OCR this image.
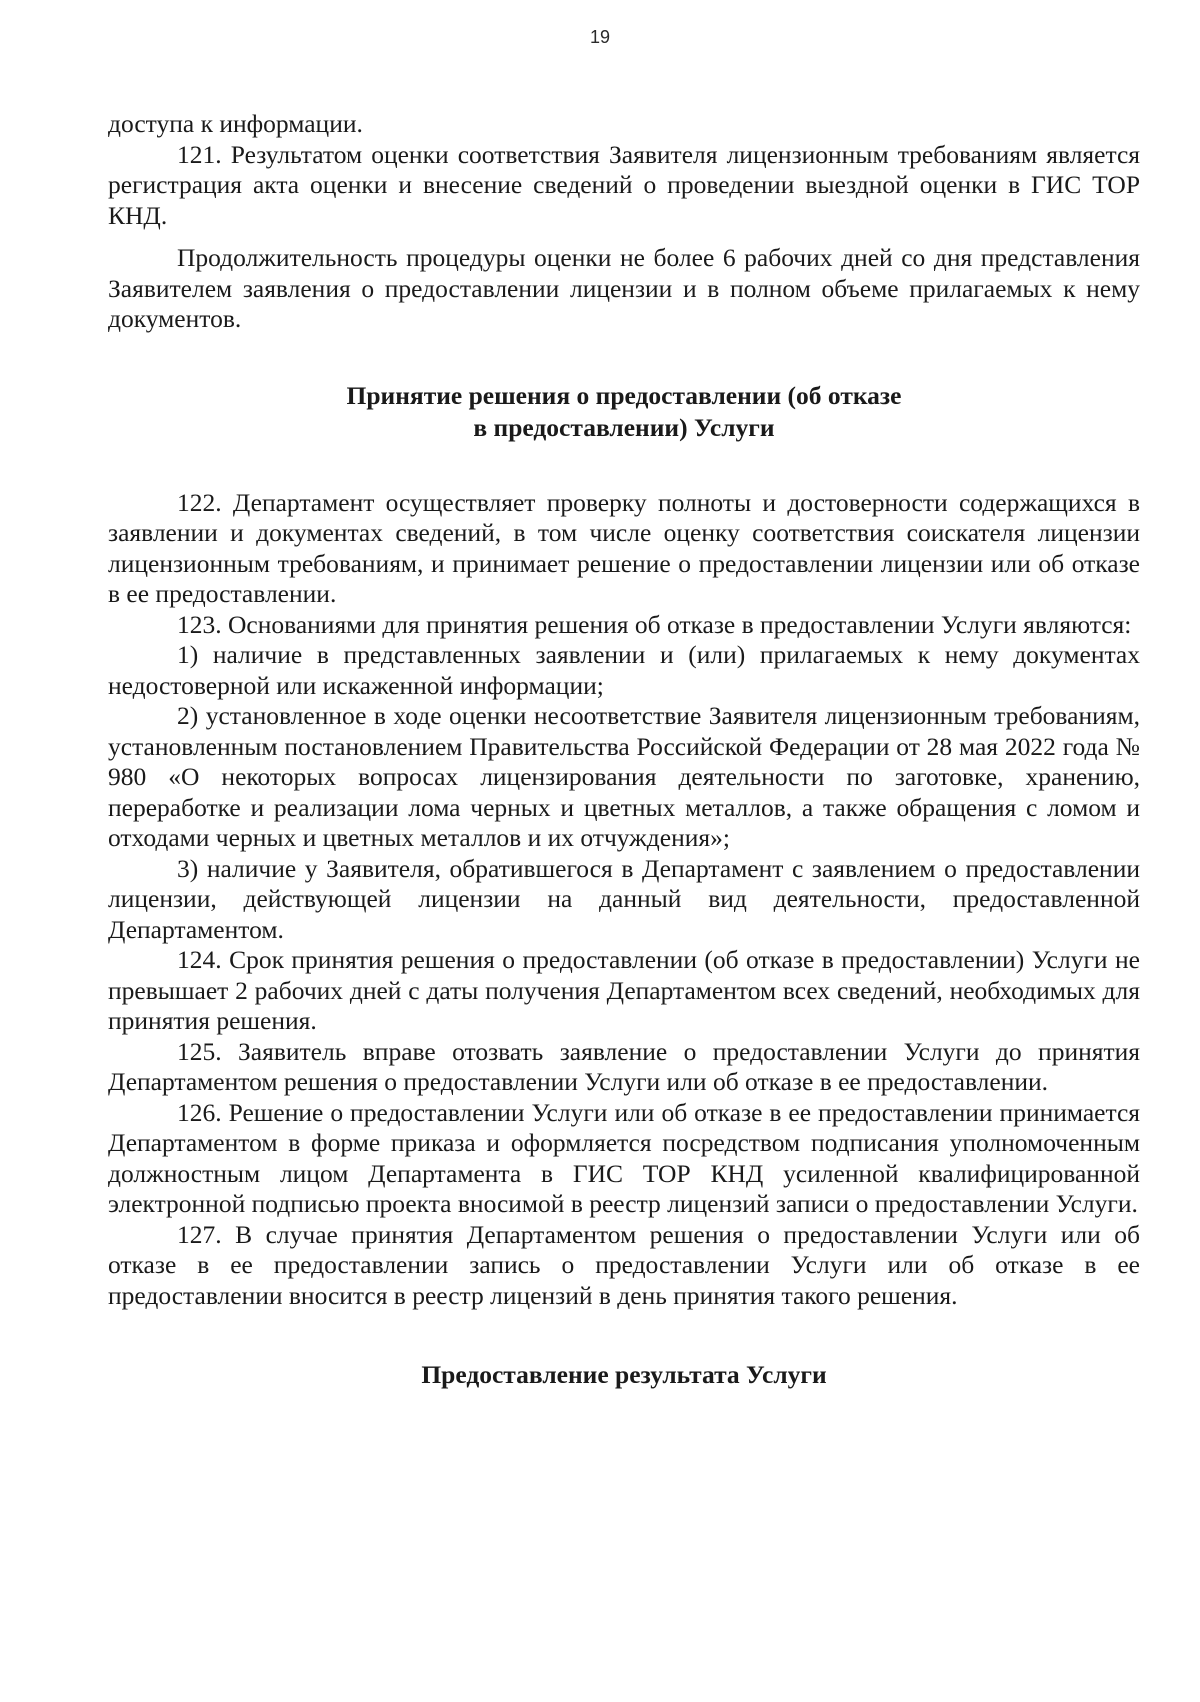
19

доступа к информации.

121. Результатом оценки соответствия Заявителя лицензионным требованиям является регистрация акта оценки и внесение сведений о проведении выездной оценки в ГИС ТОР КНД.

Продолжительность процедуры оценки не более 6 рабочих дней со дня представления Заявителем заявления о предоставлении лицензии и в полном объеме прилагаемых к нему документов.

Принятие решения о предоставлении (об отказе
в предоставлении) Услуги

122. Департамент осуществляет проверку полноты и достоверности содержащихся в заявлении и документах сведений, в том числе оценку соответствия соискателя лицензии лицензионным требованиям, и принимает решение о предоставлении лицензии или об отказе в ее предоставлении.

123. Основаниями для принятия решения об отказе в предоставлении Услуги являются:

1) наличие в представленных заявлении и (или) прилагаемых к нему документах недостоверной или искаженной информации;

2) установленное в ходе оценки несоответствие Заявителя лицензионным требованиям, установленным постановлением Правительства Российской Федерации от 28 мая 2022 года № 980 «О некоторых вопросах лицензирования деятельности по заготовке, хранению, переработке и реализации лома черных и цветных металлов, а также обращения с ломом и отходами черных и цветных металлов и их отчуждения»;

3) наличие у Заявителя, обратившегося в Департамент с заявлением о предоставлении лицензии, действующей лицензии на данный вид деятельности, предоставленной Департаментом.

124. Срок принятия решения о предоставлении (об отказе в предоставлении) Услуги не превышает 2 рабочих дней с даты получения Департаментом всех сведений, необходимых для принятия решения.

125. Заявитель вправе отозвать заявление о предоставлении Услуги до принятия Департаментом решения о предоставлении Услуги или об отказе в ее предоставлении.

126. Решение о предоставлении Услуги или об отказе в ее предоставлении принимается Департаментом в форме приказа и оформляется посредством подписания уполномоченным должностным лицом Департамента в ГИС ТОР КНД усиленной квалифицированной электронной подписью проекта вносимой в реестр лицензий записи о предоставлении Услуги.

127. В случае принятия Департаментом решения о предоставлении Услуги или об отказе в ее предоставлении запись о предоставлении Услуги или об отказе в ее предоставлении вносится в реестр лицензий в день принятия такого решения.

Предоставление результата Услуги
